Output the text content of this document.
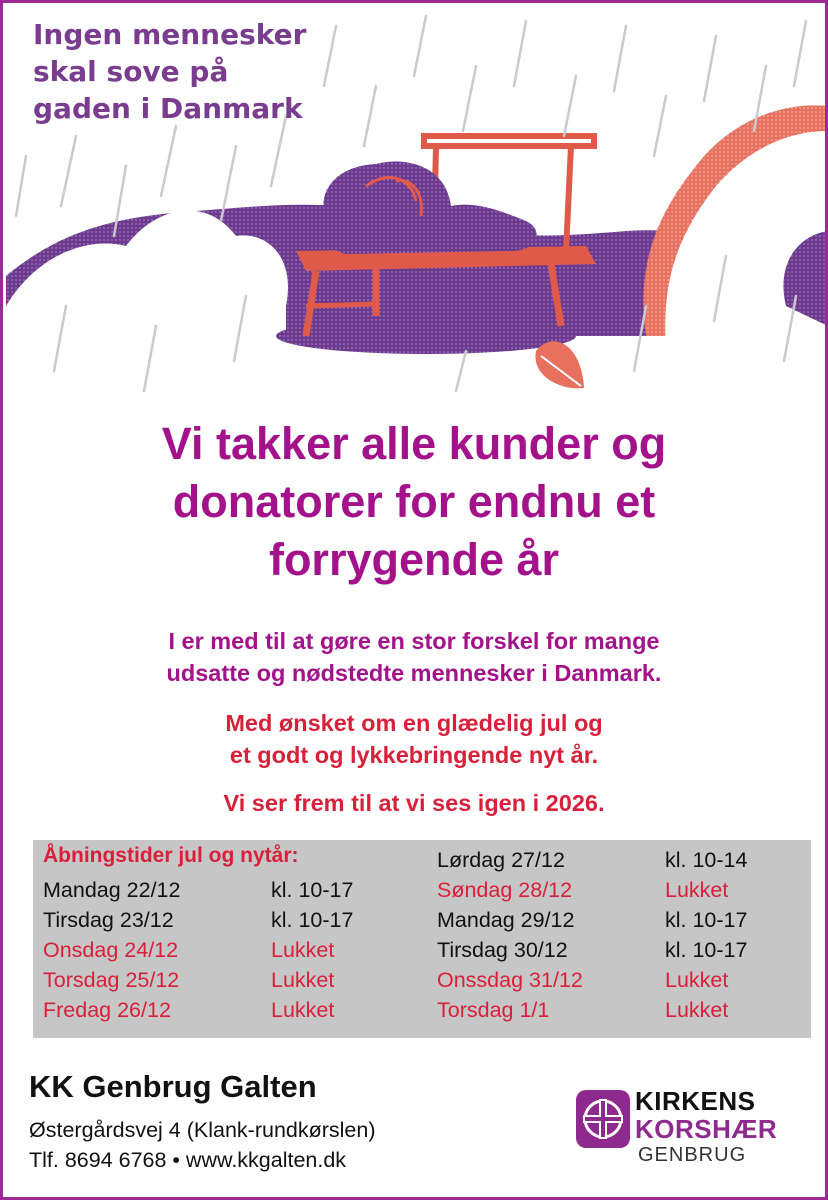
Ingen mennesker
skal sove på
gaden i Danmark
Vi takker alle kunder og
donatorer for endnu et
forrygende år
I er med til at gøre en stor forskel for mange
udsatte og nødstedte mennesker i Danmark.
Med ønsket om en glædelig jul og
et godt og lykkebringende nyt år.
Vi ser frem til at vi ses igen i 2026.
Åbningstider jul og nytår:
Mandag 22/12	kl. 10-17
Tirsdag 23/12	kl. 10-17
Onsdag 24/12	Lukket
Torsdag 25/12	Lukket
Fredag 26/12	Lukket
Lørdag 27/12	kl. 10-14
Søndag 28/12	Lukket
Mandag 29/12	kl. 10-17
Tirsdag 30/12	kl. 10-17
Onssdag 31/12	Lukket
Torsdag 1/1	Lukket
KK Genbrug Galten
Østergårdsvej 4 (Klank-rundkørslen)
Tlf. 8694 6768 • www.kkgalten.dk
KIRKENS
KORSHÆR
GENBRUG
